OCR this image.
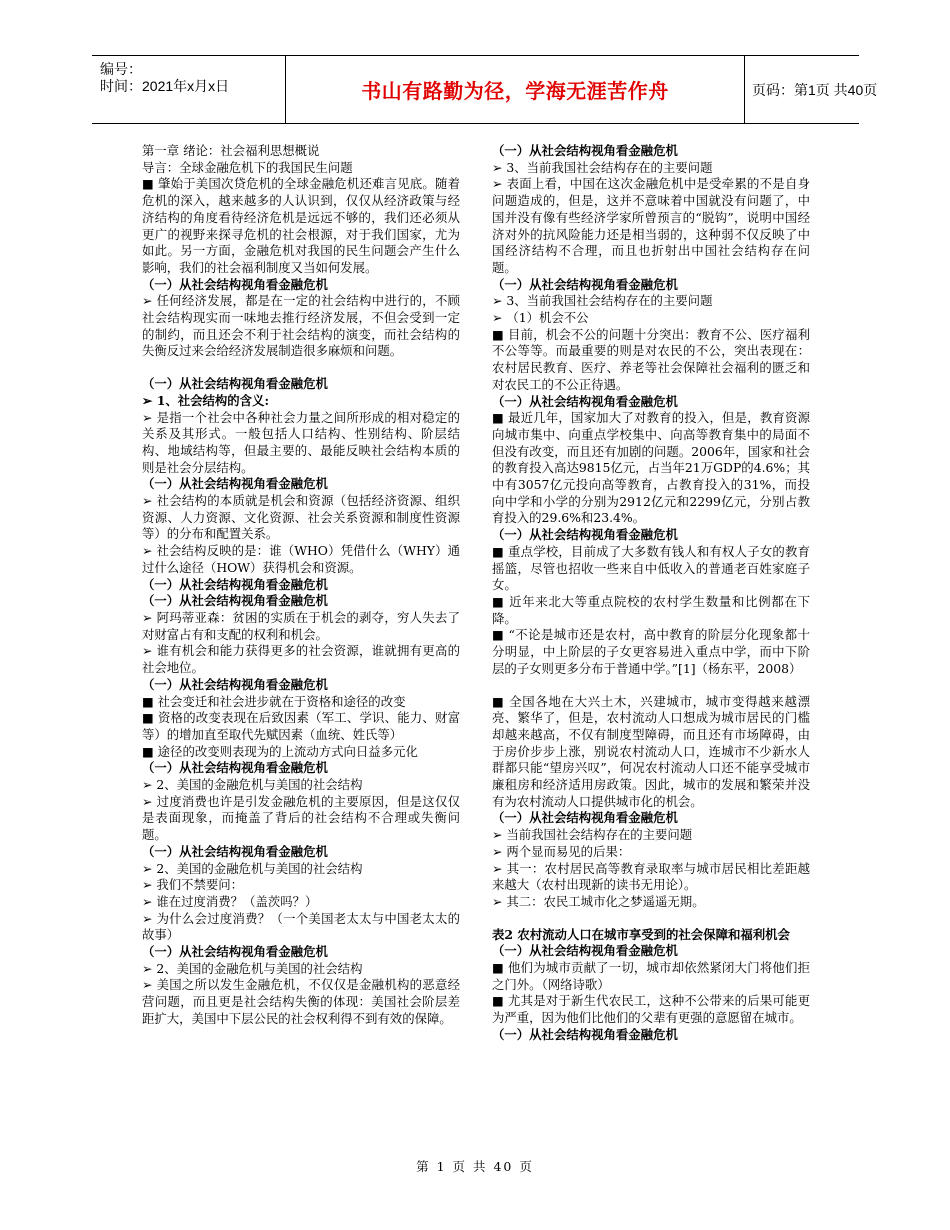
编号：
时间：2021年x月x日	书山有路勤为径，学海无涯苦作舟	页码：第1页 共40页
第一章 绪论：社会福利思想概说
导言：全球金融危机下的我国民生问题
■ 肇始于美国次贷危机的全球金融危机还难言见底。随着危机的深入，越来越多的人认识到，仅仅从经济政策与经济结构的角度看待经济危机是远远不够的，我们还必须从更广的视野来探寻危机的社会根源，对于我们国家，尤为如此。另一方面，金融危机对我国的民生问题会产生什么影响，我们的社会福利制度又当如何发展。
（一）从社会结构视角看金融危机
➢ 任何经济发展，都是在一定的社会结构中进行的，不顾社会结构现实而一味地去推行经济发展，不但会受到一定的制约，而且还会不利于社会结构的演变，而社会结构的失衡反过来会给经济发展制造很多麻烦和问题。
（一）从社会结构视角看金融危机
➢ 1、社会结构的含义:
➢ 是指一个社会中各种社会力量之间所形成的相对稳定的关系及其形式。一般包括人口结构、性别结构、阶层结构、地域结构等，但最主要的、最能反映社会结构本质的则是社会分层结构。
（一）从社会结构视角看金融危机
➢ 社会结构的本质就是机会和资源（包括经济资源、组织资源、人力资源、文化资源、社会关系资源和制度性资源等）的分布和配置关系。
➢ 社会结构反映的是：谁（WHO）凭借什么（WHY）通过什么途径（HOW）获得机会和资源。
（一）从社会结构视角看金融危机
（一）从社会结构视角看金融危机
➢ 阿玛蒂亚森：贫困的实质在于机会的剥夺，穷人失去了对财富占有和支配的权利和机会。
➢ 谁有机会和能力获得更多的社会资源，谁就拥有更高的社会地位。
（一）从社会结构视角看金融危机
■ 社会变迁和社会进步就在于资格和途径的改变
■ 资格的改变表现在后致因素（军工、学识、能力、财富等）的增加直至取代先赋因素（血统、姓氏等）
■ 途径的改变则表现为的上流动方式向日益多元化
（一）从社会结构视角看金融危机
➢ 2、美国的金融危机与美国的社会结构
➢ 过度消费也许是引发金融危机的主要原因，但是这仅仅是表面现象，而掩盖了背后的社会结构不合理或失衡问题。
（一）从社会结构视角看金融危机
➢ 2、美国的金融危机与美国的社会结构
➢ 我们不禁要问：
➢ 谁在过度消费？（盖茨吗？）
➢ 为什么会过度消费？（一个美国老太太与中国老太太的故事）
（一）从社会结构视角看金融危机
➢ 2、美国的金融危机与美国的社会结构
➢ 美国之所以发生金融危机，不仅仅是金融机构的恶意经营问题，而且更是社会结构失衡的体现：美国社会阶层差距扩大，美国中下层公民的社会权利得不到有效的保障。
（一）从社会结构视角看金融危机
➢ 3、当前我国社会结构存在的主要问题
➢ 表面上看，中国在这次金融危机中是受牵累的不是自身问题造成的，但是，这并不意味着中国就没有问题了，中国并没有像有些经济学家所曾预言的“脱钩”，说明中国经济对外的抗风险能力还是相当弱的，这种弱不仅反映了中国经济结构不合理，而且也折射出中国社会结构存在问题。
（一）从社会结构视角看金融危机
➢ 3、当前我国社会结构存在的主要问题
➢ （1）机会不公
■ 目前，机会不公的问题十分突出：教育不公、医疗福利不公等等。而最重要的则是对农民的不公，突出表现在：农村居民教育、医疗、养老等社会保障社会福利的匮乏和对农民工的不公正待遇。
（一）从社会结构视角看金融危机
■ 最近几年，国家加大了对教育的投入，但是，教育资源向城市集中、向重点学校集中、向高等教育集中的局面不但没有改变，而且还有加剧的问题。2006年，国家和社会的教育投入高达9815亿元，占当年21万GDP的4.6%；其中有3057亿元投向高等教育，占教育投入的31%，而投向中学和小学的分别为2912亿元和2299亿元，分别占教育投入的29.6%和23.4%。
（一）从社会结构视角看金融危机
■ 重点学校，目前成了大多数有钱人和有权人子女的教育摇篮，尽管也招收一些来自中低收入的普通老百姓家庭子女。
■ 近年来北大等重点院校的农村学生数量和比例都在下降。
■ “不论是城市还是农村，高中教育的阶层分化现象都十分明显，中上阶层的子女更容易进入重点中学，而中下阶层的子女则更多分布于普通中学。”[1]（杨东平，2008）
■ 全国各地在大兴土木，兴建城市，城市变得越来越漂亮、繁华了，但是，农村流动人口想成为城市居民的门槛却越来越高，不仅有制度型障碍，而且还有市场障碍，由于房价步步上涨，别说农村流动人口，连城市不少新水人群都只能“望房兴叹”，何况农村流动人口还不能享受城市廉租房和经济适用房政策。因此，城市的发展和繁荣并没有为农村流动人口提供城市化的机会。
（一）从社会结构视角看金融危机
➢ 当前我国社会结构存在的主要问题
➢ 两个显而易见的后果：
➢ 其一：农村居民高等教育录取率与城市居民相比差距越来越大（农村出现新的读书无用论）。
➢ 其二：农民工城市化之梦遥遥无期。
表2 农村流动人口在城市享受到的社会保障和福利机会
（一）从社会结构视角看金融危机
■ 他们为城市贡献了一切，城市却依然紧闭大门将他们拒之门外。（网络诗歌）
■ 尤其是对于新生代农民工，这种不公带来的后果可能更为严重，因为他们比他们的父辈有更强的意愿留在城市。
（一）从社会结构视角看金融危机
第 1 页 共 40 页
